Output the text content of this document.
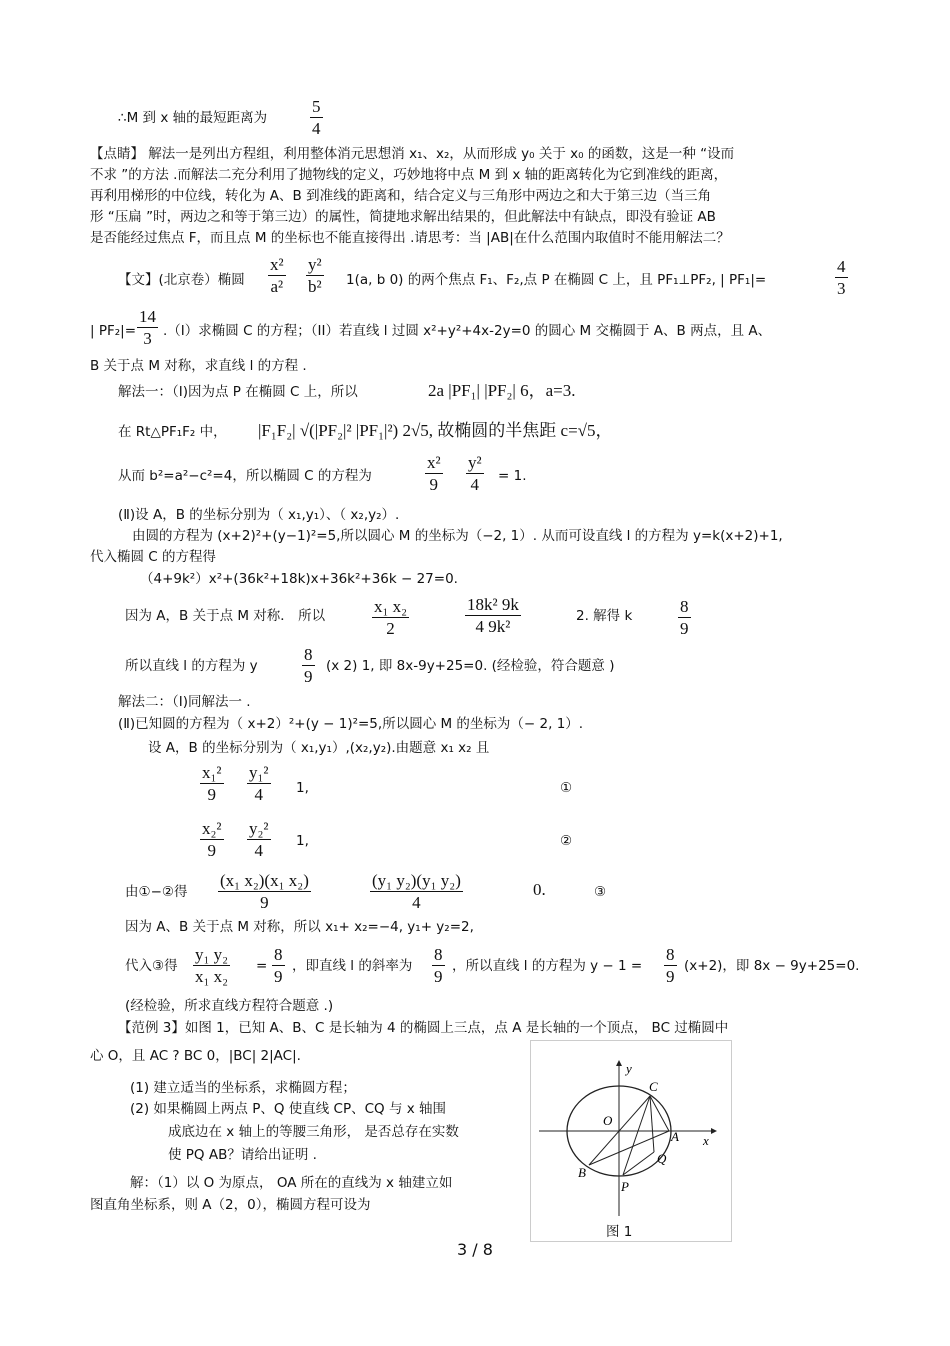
∴M 到 x 轴的最短距离为	$\frac{5}{4}$
【点睛】 解法一是列出方程组，利用整体消元思想消 x₁、x₂，从而形成 y₀ 关于 x₀ 的函数，这是一种 “设而
不求 ”的方法 .而解法二充分利用了抛物线的定义，巧妙地将中点 M 到 x 轴的距离转化为它到准线的距离，
再利用梯形的中位线，转化为 A、B 到准线的距离和，结合定义与三角形中两边之和大于第三边（当三角
形 “压扁 ”时，两边之和等于第三边）的属性，简捷地求解出结果的，但此解法中有缺点，即没有验证 AB
是否能经过焦点 F，而且点 M 的坐标也不能直接得出 .请思考：当 |AB|在什么范围内取值时不能用解法二？
【文】(北京卷）椭圆 $\frac{\text{x²}}{\text{a²}} \frac{\text{y²}}{\text{b²}} 1(a$, b 0) 的两个焦点 F₁、F₂,点 P 在椭圆 C 上，且 PF₁⊥PF₂, | PF₁|=	$\frac{4}{3}$
| $PF_2|= \frac{14}{3} .(I)$求椭圆 C 的方程；（II）若直线 l 过圆 x²+y²+4x-2y=0 的圆心 M 交椭圆于 A、B 两点，且 A、
B 关于点 M 对称，求直线 l 的方程 .
解法一：（Ⅰ)因为点 P 在椭圆 C 上，所以	2a |PF₁| |PF₂| 6，a=3.
在 Rt△PF₁F₂ 中， |F₁F₂| √(|PF₂|² |PF₁|²) 2√5, 故椭圆的半焦距 c=√5，
从而 b²=a²−c²=4，所以椭圆 C 的方程为	$\frac{\text{x²}}{9} \frac{\text{y²}}{4} = 1$.
(Ⅱ)设 A，B 的坐标分别为（ x₁,y₁）、（ x₂,y₂）.
由圆的方程为 (x+2)²+(y−1)²=5,所以圆心 M 的坐标为（−2, 1）. 从而可设直线 l 的方程为 y=k(x+2)+1,
代入椭圆 C 的方程得
（4+9k²）x²+(36k²+18k)x+36k²+36k − 27=0.
因为 A，B 关于点 M 对称． 所以	$\frac{\text{x₁ x₂}}{2}$	$\frac{\text{18k² 9k}}{\text{4 9k²}}$	2. 解得 k	$\frac{8}{9}$
所以直线 l 的方程为 y	$\frac{8}{9} (x$ 2) 1, 即 8x-9y+25=0. (经检验，符合题意 )
解法二：（Ⅰ)同解法一 .
(Ⅱ)已知圆的方程为（ x+2）²+(y − 1)²=5,所以圆心 M 的坐标为（− 2, 1）.
设 A，B 的坐标分别为（ x₁,y₁）,(x₂,y₂).由题意 x₁ x₂ 且
$\frac{\text{x₁²}}{9} \frac{\text{y₁²}}{4} 1$,	①
$\frac{\text{x₂²}}{9} \frac{\text{y₂²}}{4} 1$,	②
由①−②得 $\frac{\text{(x₁ x₂)(x₁ x₂)}}{9}$	$\frac{\text{(y₁ y₂)(y₁ y₂)}}{4}$	0.	③
因为 A、B 关于点 M 对称，所以 x₁+ x₂=−4, y₁+ y₂=2,
代入③得 $\frac{\text{y₁ y₂}}{\text{x₁ x₂}} = \frac{8}{9}$ ，即直线 l 的斜率为 $\frac{8}{9}$ ，所以直线 l 的方程为 $y - 1 = \frac{8}{9} (x+2)$，即 8x − 9y+25=0.
(经检验，所求直线方程符合题意 .)
【范例 3】如图 1，已知 A、B、C 是长轴为 4 的椭圆上三点，点 A 是长轴的一个顶点， BC 过椭圆中
心 O，且 AC ? BC 0，|BC| 2|AC|.
(1) 建立适当的坐标系，求椭圆方程；
(2) 如果椭圆上两点 P、Q 使直线 CP、CQ 与 x 轴围
成底边在 x 轴上的等腰三角形， 是否总存在实数
使 PQ AB？请给出证明 .
解：（1）以 O 为原点， OA 所在的直线为 x 轴建立如
图直角坐标系，则 A（2，0），椭圆方程可设为
y
x
O
A
B
C
P
Q
图 1
3 / 8
